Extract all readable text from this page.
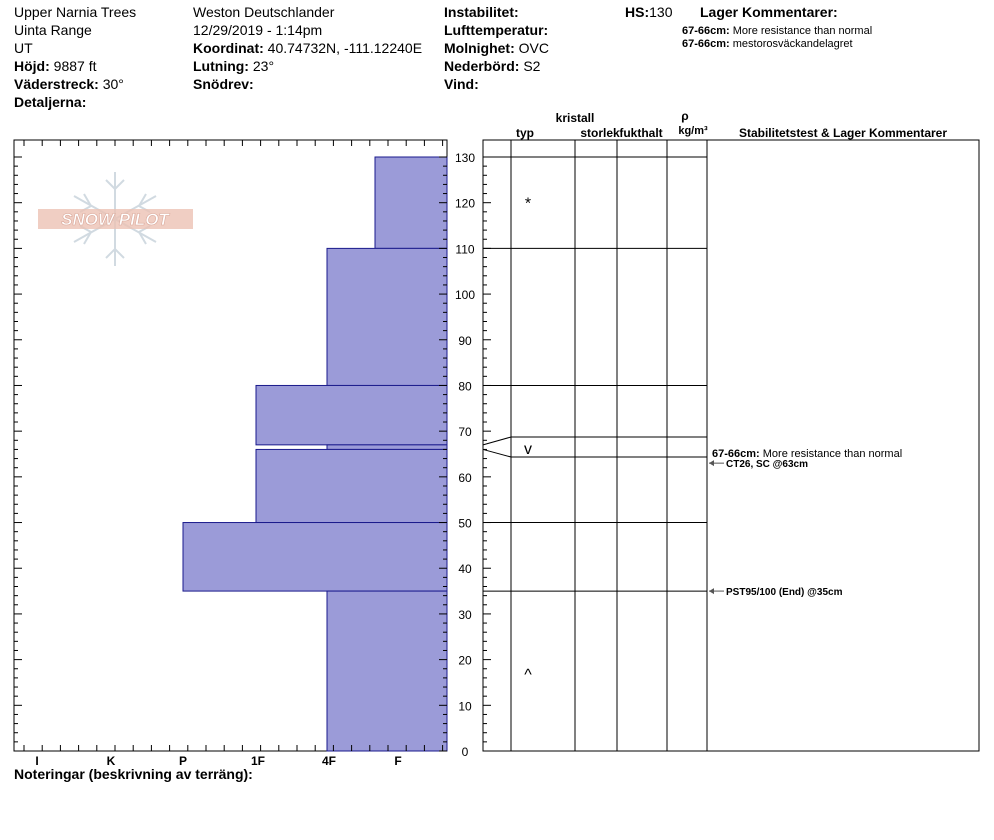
Upper Narnia Trees
Uinta Range
UT
Höjd: 9887 ft
Väderstreck: 30°
Detaljerna:
Weston Deutschlander
12/29/2019 - 1:14pm
Koordinat: 40.74732N, -111.12240E
Lutning: 23°
Snödrev:
Instabilitet:
Lufttemperatur:
Molnighet: OVC
Nederbörd: S2
Vind:
HS:130 Lager Kommentarer:
67-66cm: More resistance than normal
67-66cm: mestorosväckandelagret
I	K	P	1F	4F	F
0
10
20
30
40
50
60
70
80
90
100
110
120
130
SNOW PILOT
kristall
typ	storlek fukthalt
ρ
kg/m³	Stabilitetstest & Lager Kommentarer
*
v
^
67-66cm: More resistance than normal
CT26, SC @63cm
PST95/100 (End) @35cm
Noteringar (beskrivning av terräng):
